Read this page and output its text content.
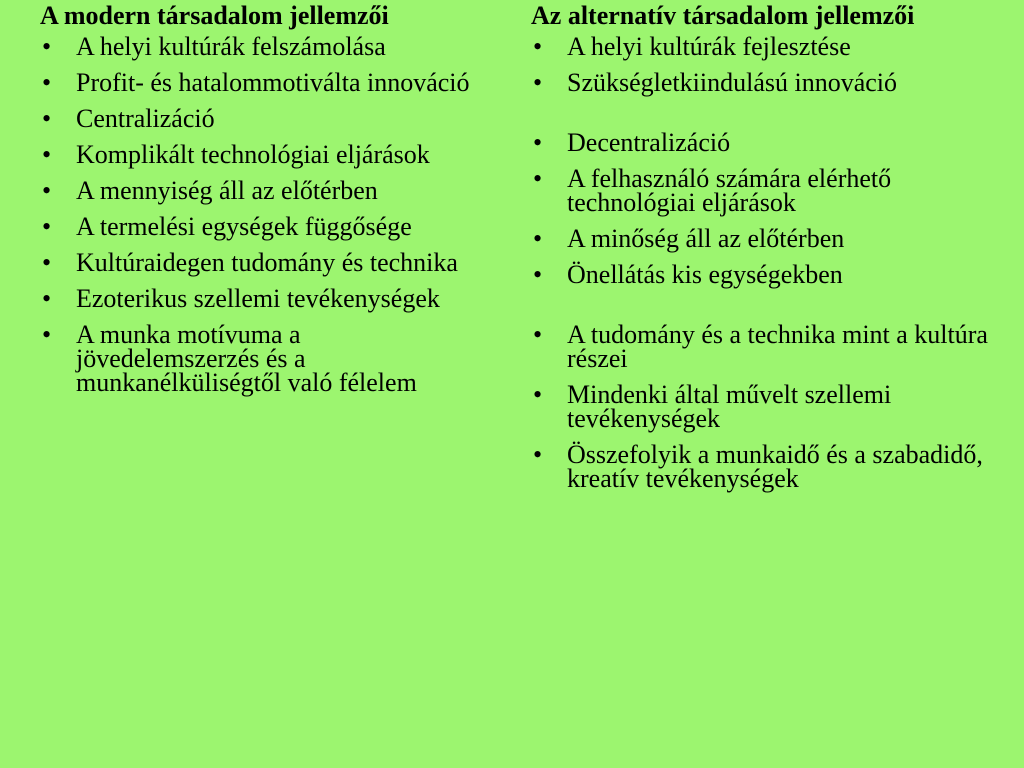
A modern társadalom jellemzői
• A helyi kultúrák felszámolása
• Profit- és hatalommotiválta innováció
• Centralizáció
• Komplikált technológiai eljárások
• A mennyiség áll az előtérben
• A termelési egységek függősége
• Kultúraidegen tudomány és technika
• Ezoterikus szellemi tevékenységek
• A munka motívuma a jövedelemszerzés és a munkanélküliségtől való félelem
Az alternatív társadalom jellemzői
• A helyi kultúrák fejlesztése
• Szükségletkiindulású innováció
• Decentralizáció
• A felhasználó számára elérhető technológiai eljárások
• A minőség áll az előtérben
• Önellátás kis egységekben
• A tudomány és a technika mint a kultúra részei
• Mindenki által művelt szellemi tevékenységek
• Összefolyik a munkaidő és a szabadidő, kreatív tevékenységek
